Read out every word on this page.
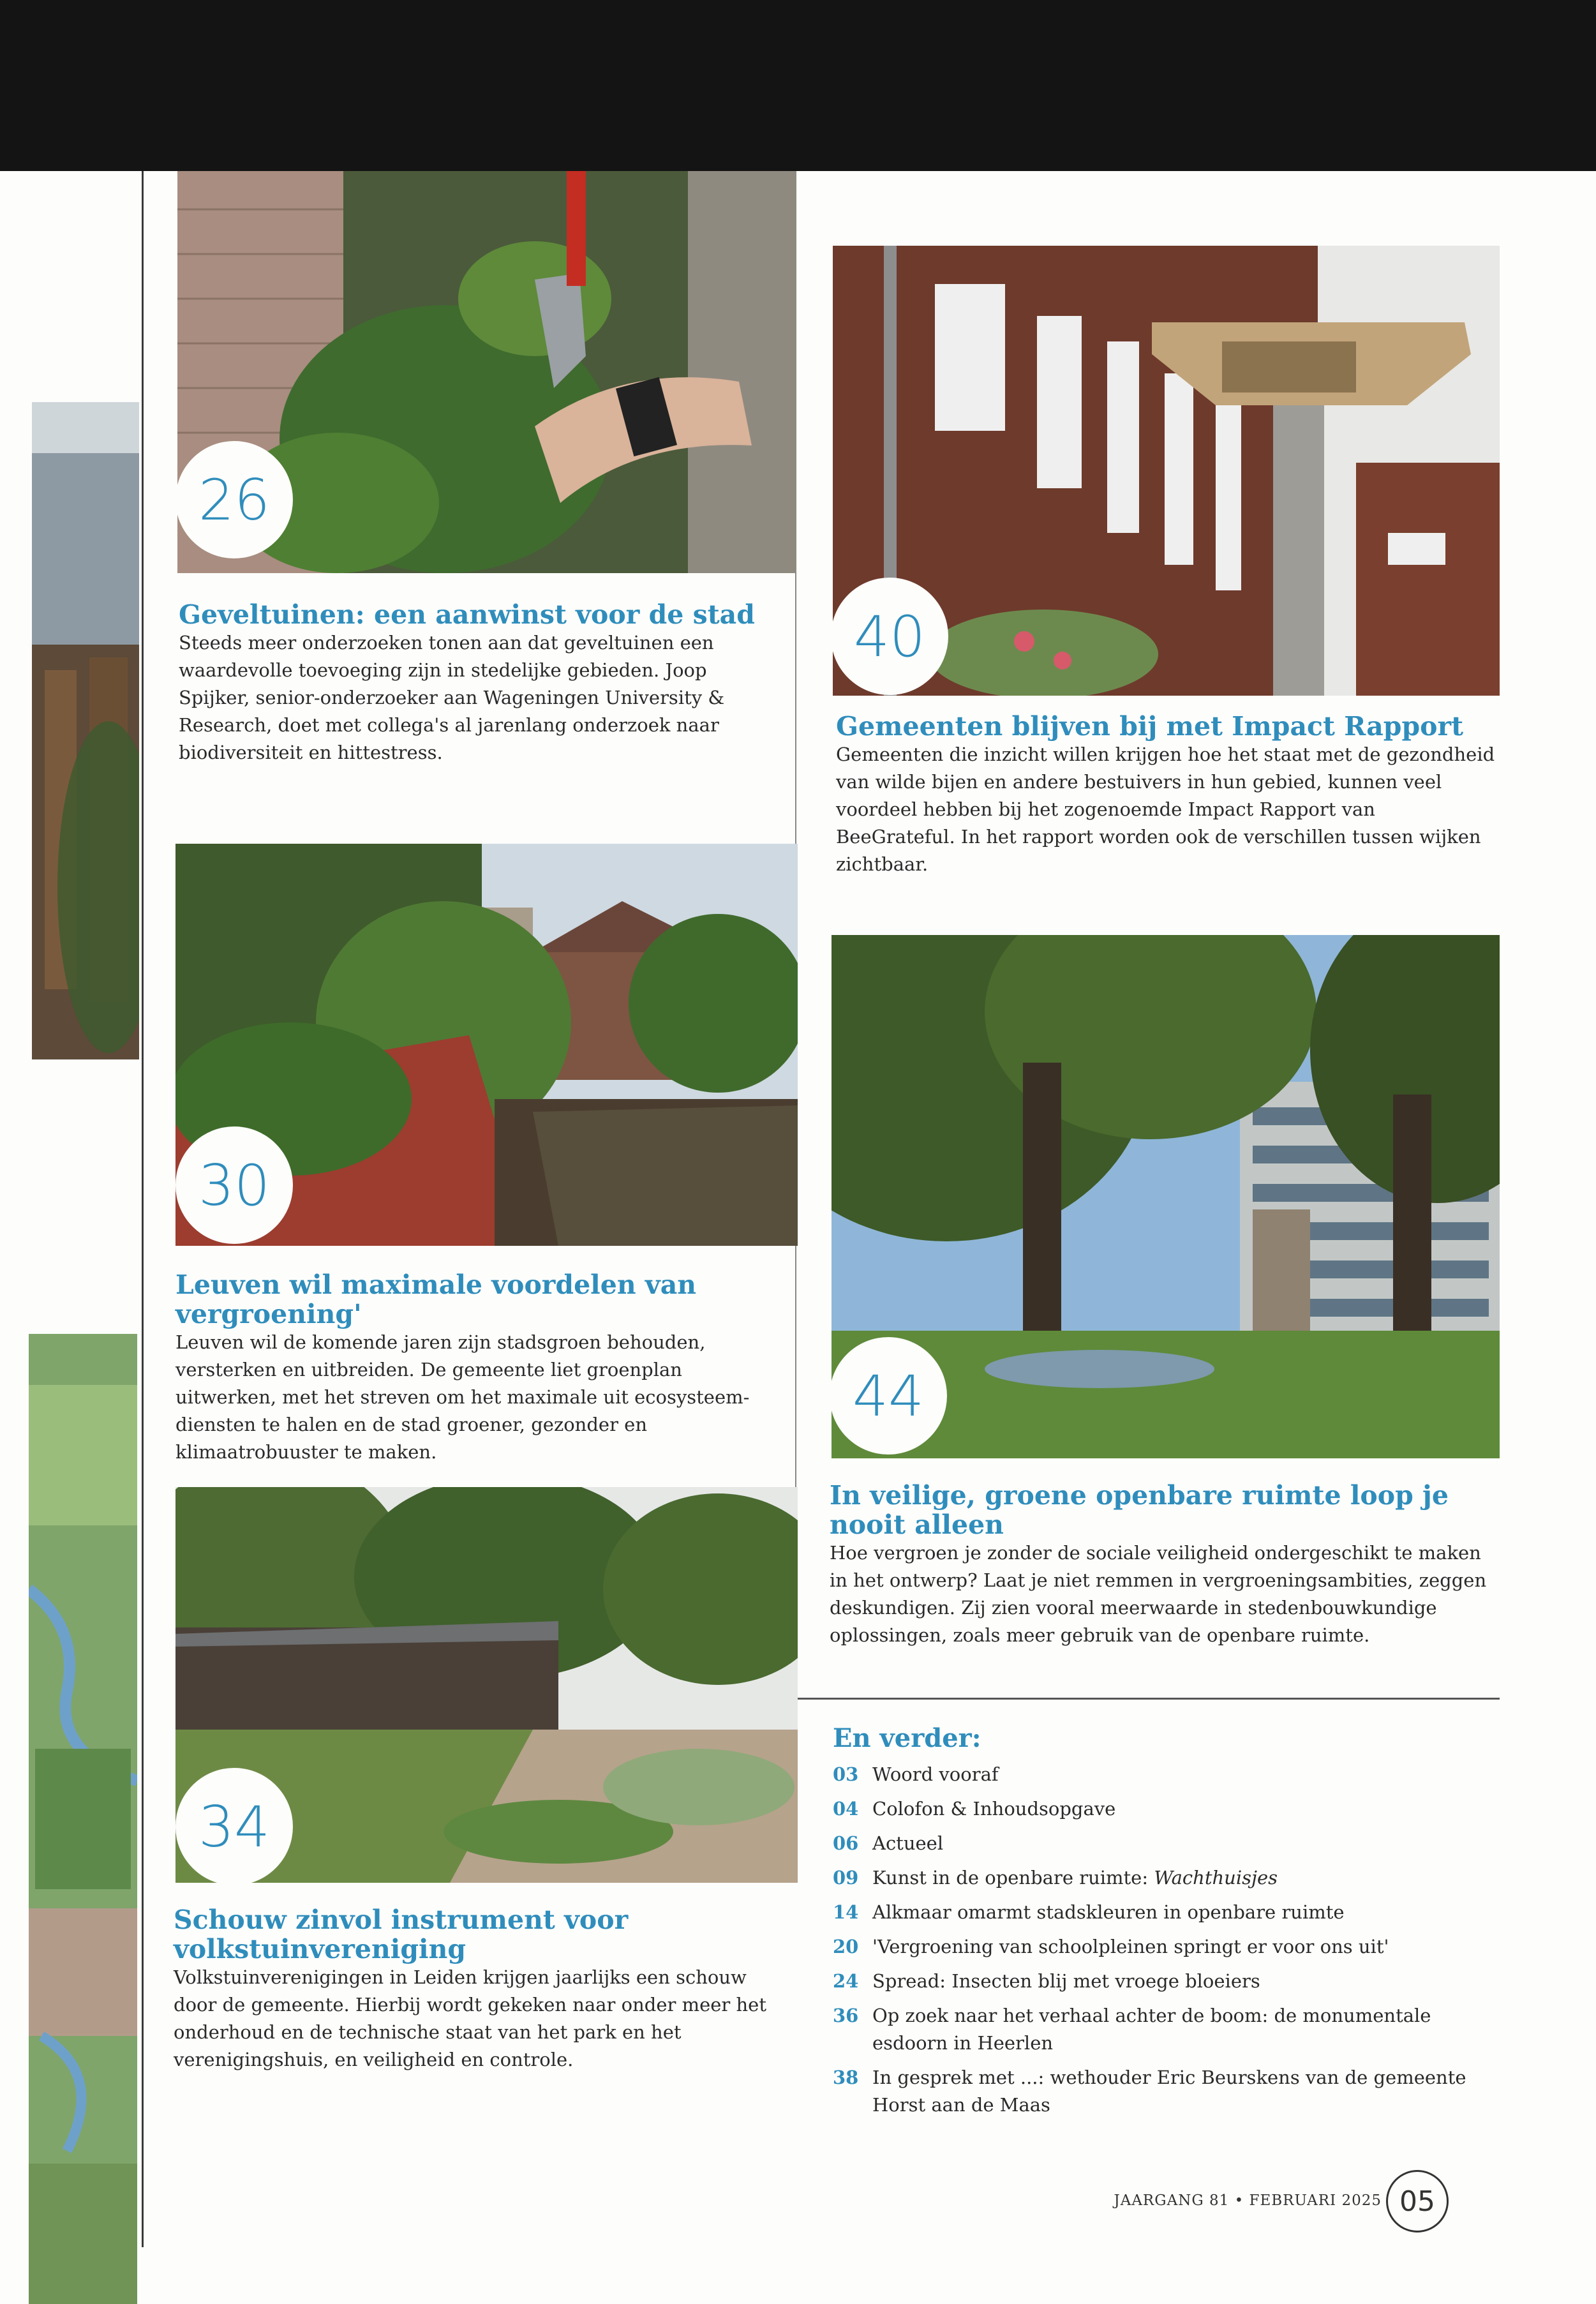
26
Geveltuinen: een aanwinst voor de stad

Steeds meer onderzoeken tonen aan dat geveltuinen een waardevolle toevoeging zijn in stedelijke gebieden. Joop Spijker, senior-onderzoeker aan Wageningen University & Research, doet met collega's al jarenlang onderzoek naar biodiversiteit en hittestress.

40
Gemeenten blijven bij met Impact Rapport

Gemeenten die inzicht willen krijgen hoe het staat met de gezondheid van wilde bijen en andere bestuivers in hun gebied, kunnen veel voordeel hebben bij het zogenoemde Impact Rapport van BeeGrateful. In het rapport worden ook de verschillen tussen wijken zichtbaar.

30
Leuven wil maximale voordelen van vergroening'

Leuven wil de komende jaren zijn stadsgroen behouden, versterken en uitbreiden. De gemeente liet groenplan uitwerken, met het streven om het maximale uit ecosysteem-diensten te halen en de stad groener, gezonder en klimaatrobuuster te maken.

44
In veilige, groene openbare ruimte loop je nooit alleen

Hoe vergroen je zonder de sociale veiligheid ondergeschikt te maken in het ontwerp? Laat je niet remmen in vergroeningsambities, zeggen deskundigen. Zij zien vooral meerwaarde in stedenbouwkundige oplossingen, zoals meer gebruik van de openbare ruimte.

34
Schouw zinvol instrument voor volkstuinvereniging

Volkstuinverenigingen in Leiden krijgen jaarlijks een schouw door de gemeente. Hierbij wordt gekeken naar onder meer het onderhoud en de technische staat van het park en het verenigingshuis, en veiligheid en controle.

En verder:
03 Woord vooraf
04 Colofon & Inhoudsopgave
06 Actueel
09 Kunst in de openbare ruimte: Wachthuisjes
14 Alkmaar omarmt stadskleuren in openbare ruimte
20 'Vergroening van schoolpleinen springt er voor ons uit'
24 Spread: Insecten blij met vroege bloeiers
36 Op zoek naar het verhaal achter de boom: de monumentale esdoorn in Heerlen
38 In gesprek met ...: wethouder Eric Beurskens van de gemeente Horst aan de Maas
JAARGANG 81 • FEBRUARI 2025 05
